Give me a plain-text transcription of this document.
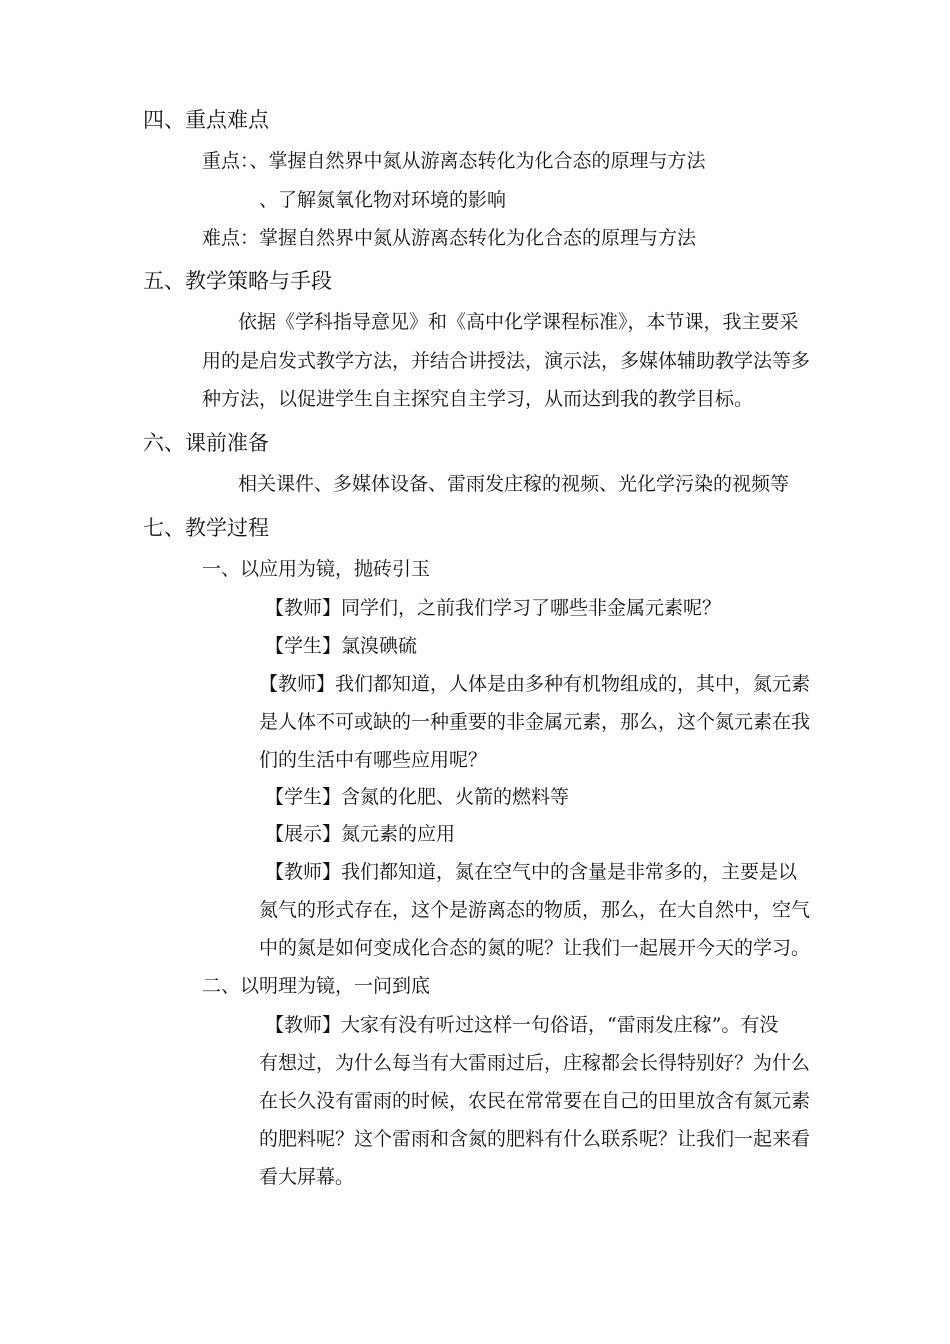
四、重点难点
重点：、掌握自然界中氮从游离态转化为化合态的原理与方法
、了解氮氧化物对环境的影响
难点：掌握自然界中氮从游离态转化为化合态的原理与方法
五、教学策略与手段
依据《学科指导意见》和《高中化学课程标准》，本节课，我主要采
用的是启发式教学方法，并结合讲授法，演示法，多媒体辅助教学法等多
种方法，以促进学生自主探究自主学习，从而达到我的教学目标。
六、课前准备
相关课件、多媒体设备、雷雨发庄稼的视频、光化学污染的视频等
七、教学过程
一、以应用为镜，抛砖引玉
【教师】同学们，之前我们学习了哪些非金属元素呢？
【学生】氯溴碘硫
【教师】我们都知道，人体是由多种有机物组成的，其中，氮元素
是人体不可或缺的一种重要的非金属元素，那么，这个氮元素在我
们的生活中有哪些应用呢？
【学生】含氮的化肥、火箭的燃料等
【展示】氮元素的应用
【教师】我们都知道，氮在空气中的含量是非常多的，主要是以
氮气的形式存在，这个是游离态的物质，那么，在大自然中，空气
中的氮是如何变成化合态的氮的呢？让我们一起展开今天的学习。
二、以明理为镜，一问到底
【教师】大家有没有听过这样一句俗语，“雷雨发庄稼”。有没
有想过，为什么每当有大雷雨过后，庄稼都会长得特别好？为什么
在长久没有雷雨的时候，农民在常常要在自己的田里放含有氮元素
的肥料呢？这个雷雨和含氮的肥料有什么联系呢？让我们一起来看
看大屏幕。
